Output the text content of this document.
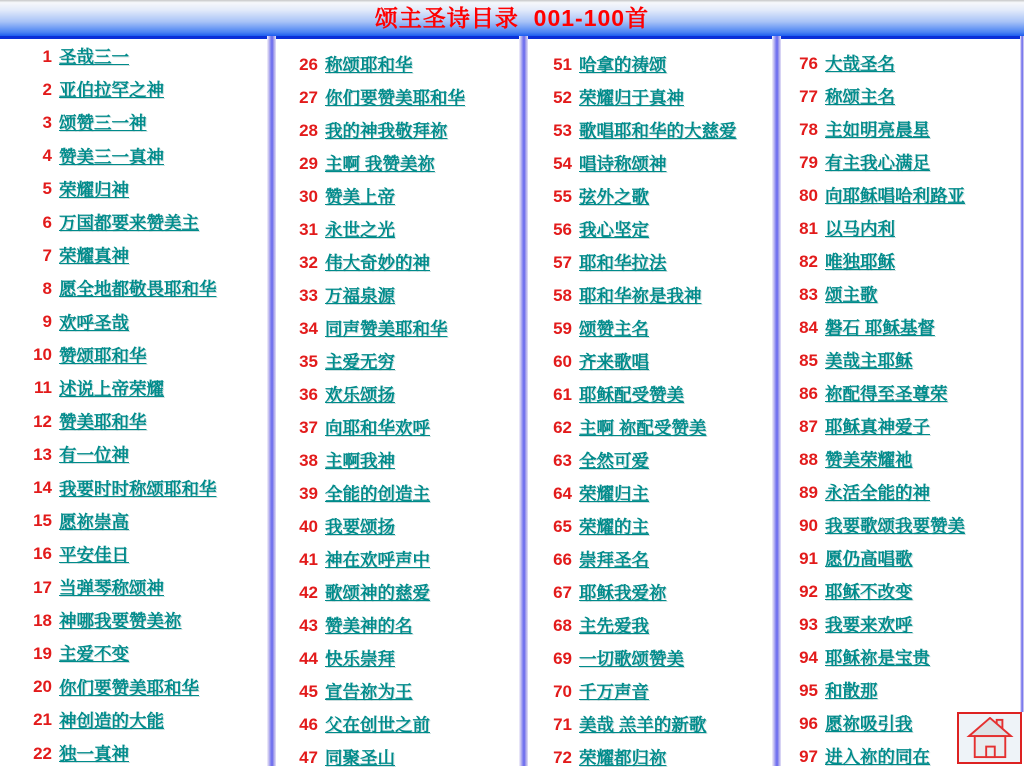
颂主圣诗目录  001-100首
1 圣哉三一
2 亚伯拉罕之神
3 颂赞三一神
4 赞美三一真神
5 荣耀归神
6 万国都要来赞美主
7 荣耀真神
8 愿全地都敬畏耶和华
9 欢呼圣哉
10 赞颂耶和华
11 述说上帝荣耀
12 赞美耶和华
13 有一位神
14 我要时时称颂耶和华
15 愿祢崇高
16 平安佳日
17 当弹琴称颂神
18 神哪我要赞美祢
19 主爱不变
20 你们要赞美耶和华
21 神创造的大能
22 独一真神
26 称颂耶和华
27 你们要赞美耶和华
28 我的神我敬拜祢
29 主啊 我赞美祢
30 赞美上帝
31 永世之光
32 伟大奇妙的神
33 万福泉源
34 同声赞美耶和华
35 主爱无穷
36 欢乐颂扬
37 向耶和华欢呼
38 主啊我神
39 全能的创造主
40 我要颂扬
41 神在欢呼声中
42 歌颂神的慈爱
43 赞美神的名
44 快乐崇拜
45 宣告祢为王
46 父在创世之前
47 同聚圣山
51 哈拿的祷颂
52 荣耀归于真神
53 歌唱耶和华的大慈爱
54 唱诗称颂神
55 弦外之歌
56 我心坚定
57 耶和华拉法
58 耶和华祢是我神
59 颂赞主名
60 齐来歌唱
61 耶稣配受赞美
62 主啊 祢配受赞美
63 全然可爱
64 荣耀归主
65 荣耀的主
66 崇拜圣名
67 耶稣我爱祢
68 主先爱我
69 一切歌颂赞美
70 千万声音
71 美哉 羔羊的新歌
72 荣耀都归祢
76 大哉圣名
77 称颂主名
78 主如明亮晨星
79 有主我心满足
80 向耶稣唱哈利路亚
81 以马内利
82 唯独耶稣
83 颂主歌
84 磐石 耶稣基督
85 美哉主耶稣
86 祢配得至圣尊荣
87 耶稣真神爱子
88 赞美荣耀祂
89 永活全能的神
90 我要歌颂我要赞美
91 愿仍高唱歌
92 耶稣不改变
93 我要来欢呼
94 耶稣祢是宝贵
95 和散那
96 愿祢吸引我
97 进入祢的同在
